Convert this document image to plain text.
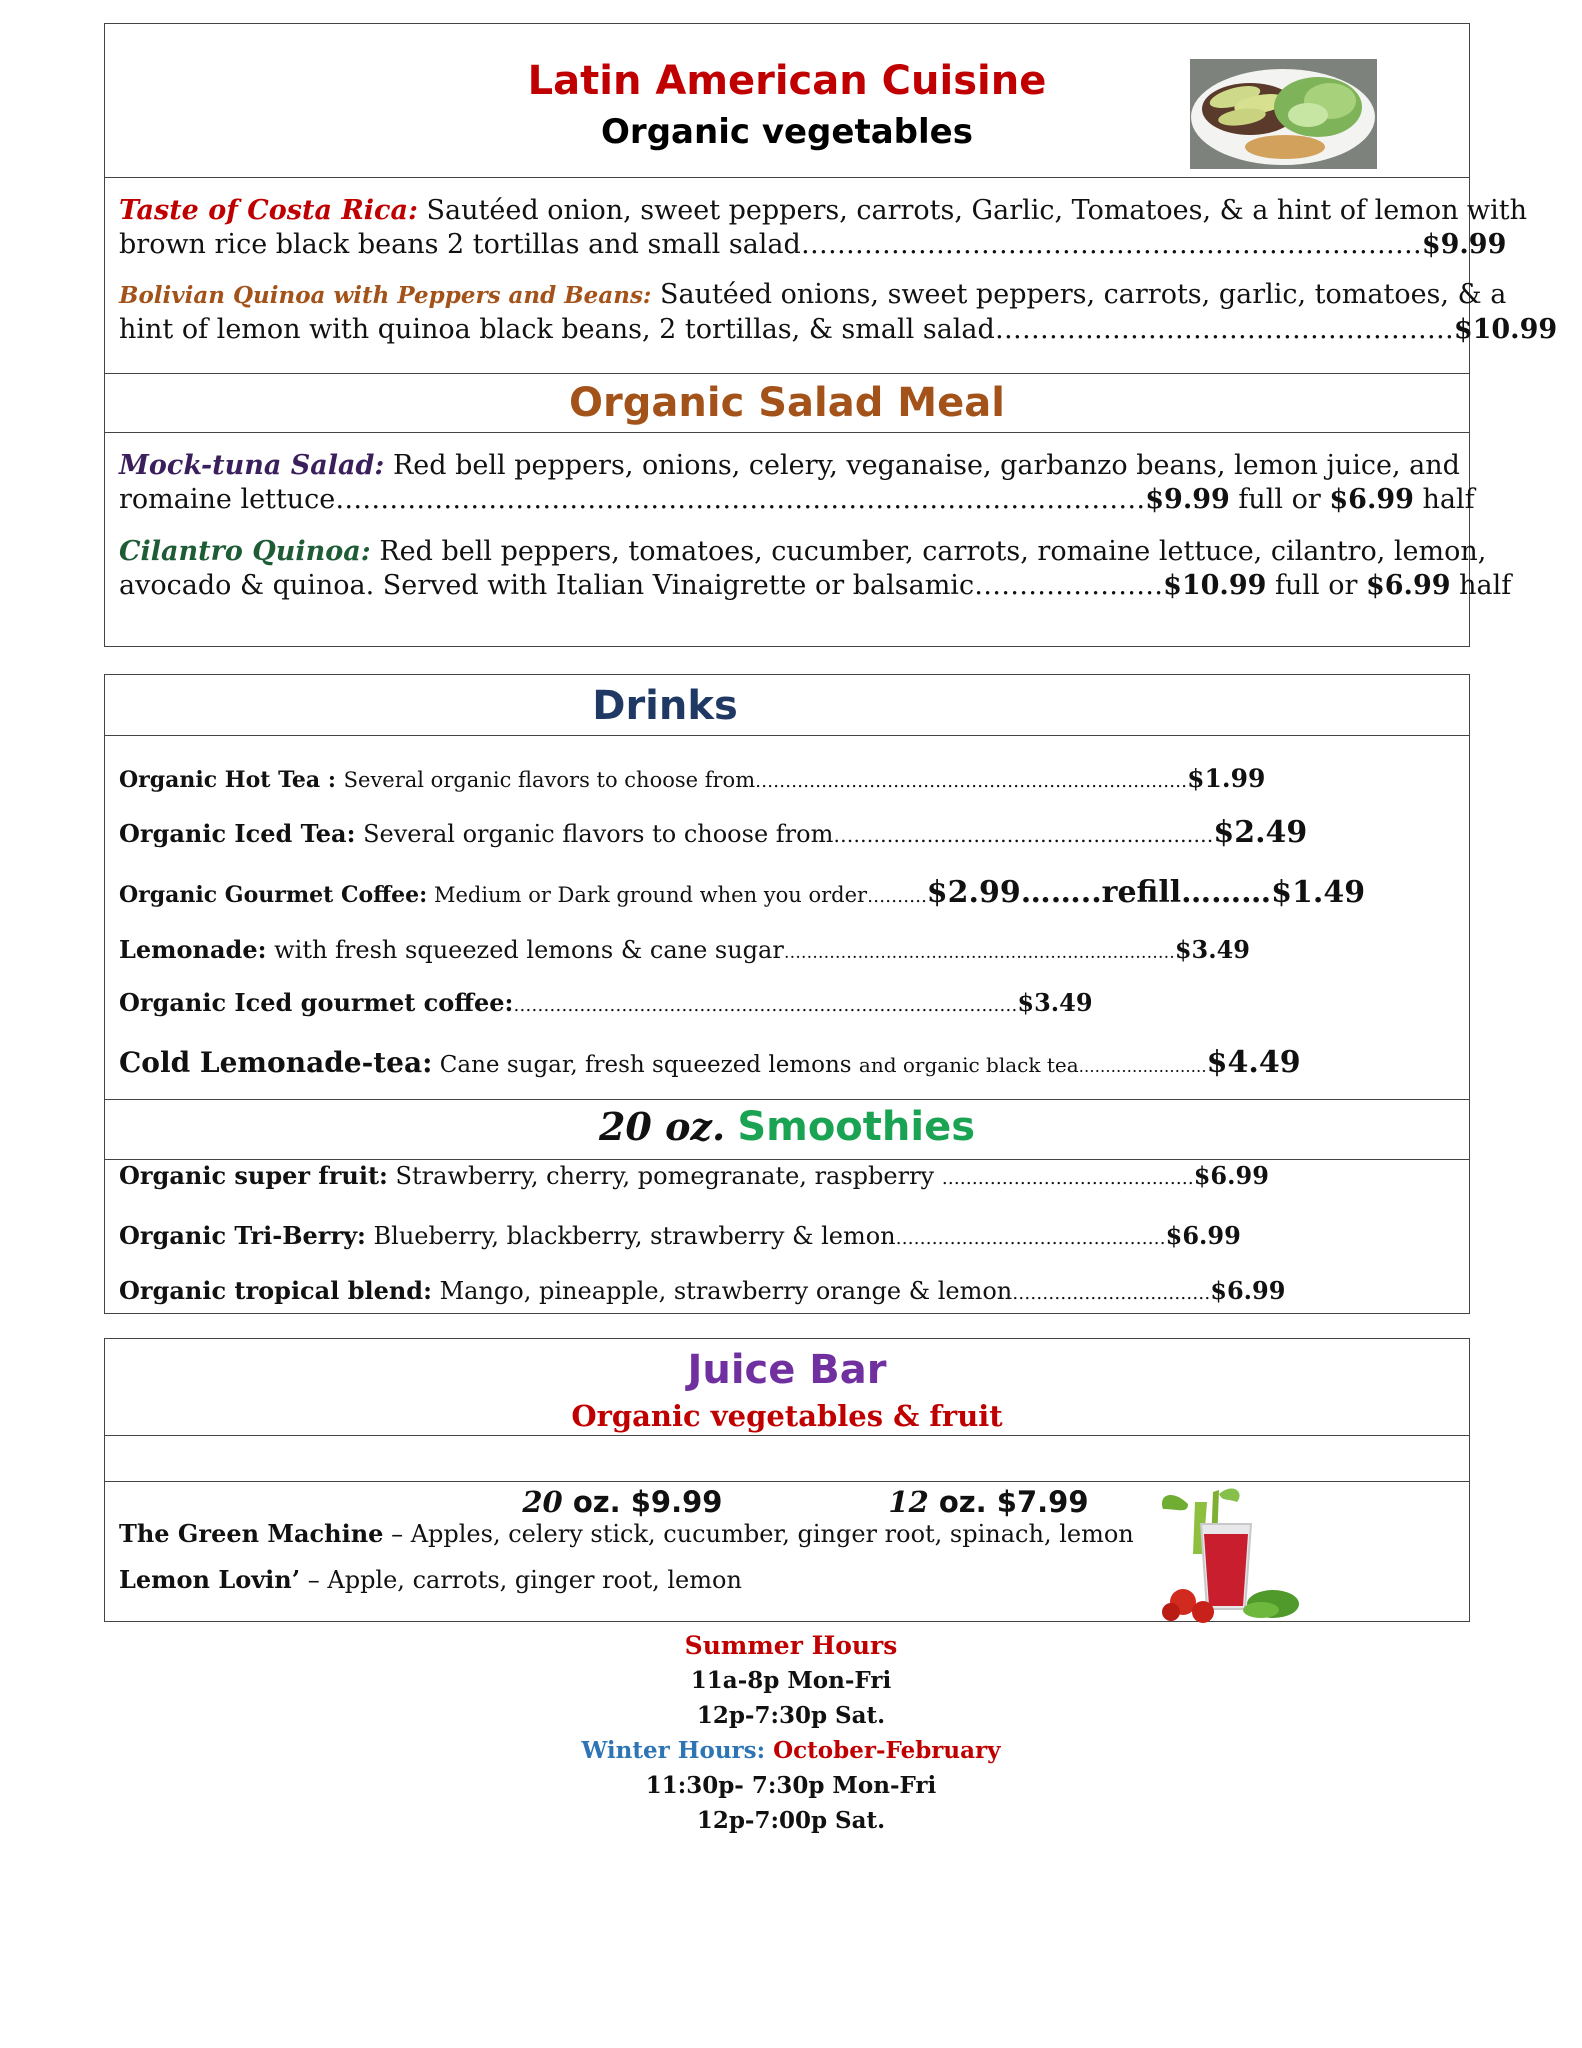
Latin American Cuisine
Organic vegetables
Taste of Costa Rica: Sautéed onion, sweet peppers, carrots, Garlic, Tomatoes, & a hint of lemon with
brown rice black beans 2 tortillas and small salad……………………………………………………………$9.99
Bolivian Quinoa with Peppers and Beans: Sautéed onions, sweet peppers, carrots, garlic, tomatoes, & a
hint of lemon with quinoa black beans, 2 tortillas, & small salad……………………………………………$10.99
Organic Salad Meal
Mock-tuna Salad: Red bell peppers, onions, celery, veganaise, garbanzo beans, lemon juice, and
romaine lettuce………………………………………………………………………………$9.99 full or $6.99 half
Cilantro Quinoa: Red bell peppers, tomatoes, cucumber, carrots, romaine lettuce, cilantro, lemon,
avocado & quinoa. Served with Italian Vinaigrette or balsamic…………………$10.99 full or $6.99 half
Drinks
Organic Hot Tea : Several organic flavors to choose from………………………………………………………………$1.99
Organic Iced Tea: Several organic flavors to choose from…………………………………………………$2.49
Organic Gourmet Coffee: Medium or Dark ground when you order……….$2.99……..refill………$1.49
Lemonade: with fresh squeezed lemons & cane sugar……………………………………………………………$3.49
Organic Iced gourmet coffee:…………………………………………………………………………$3.49
Cold Lemonade-tea: Cane sugar, fresh squeezed lemons and organic black tea……………………$4.49
20 oz. Smoothies
Organic super fruit: Strawberry, cherry, pomegranate, raspberry ……………………………………$6.99
Organic Tri-Berry: Blueberry, blackberry, strawberry & lemon………………………………………$6.99
Organic tropical blend: Mango, pineapple, strawberry orange & lemon……………………………$6.99
Juice Bar
Organic vegetables & fruit

20 oz. $9.99	12 oz. $7.99

The Green Machine – Apples, celery stick, cucumber, ginger root, spinach, lemon
Lemon Lovin’ – Apple, carrots, ginger root, lemon
Summer Hours
11a-8p Mon-Fri
12p-7:30p Sat.
Winter Hours: October-February
11:30p- 7:30p Mon-Fri
12p-7:00p Sat.
